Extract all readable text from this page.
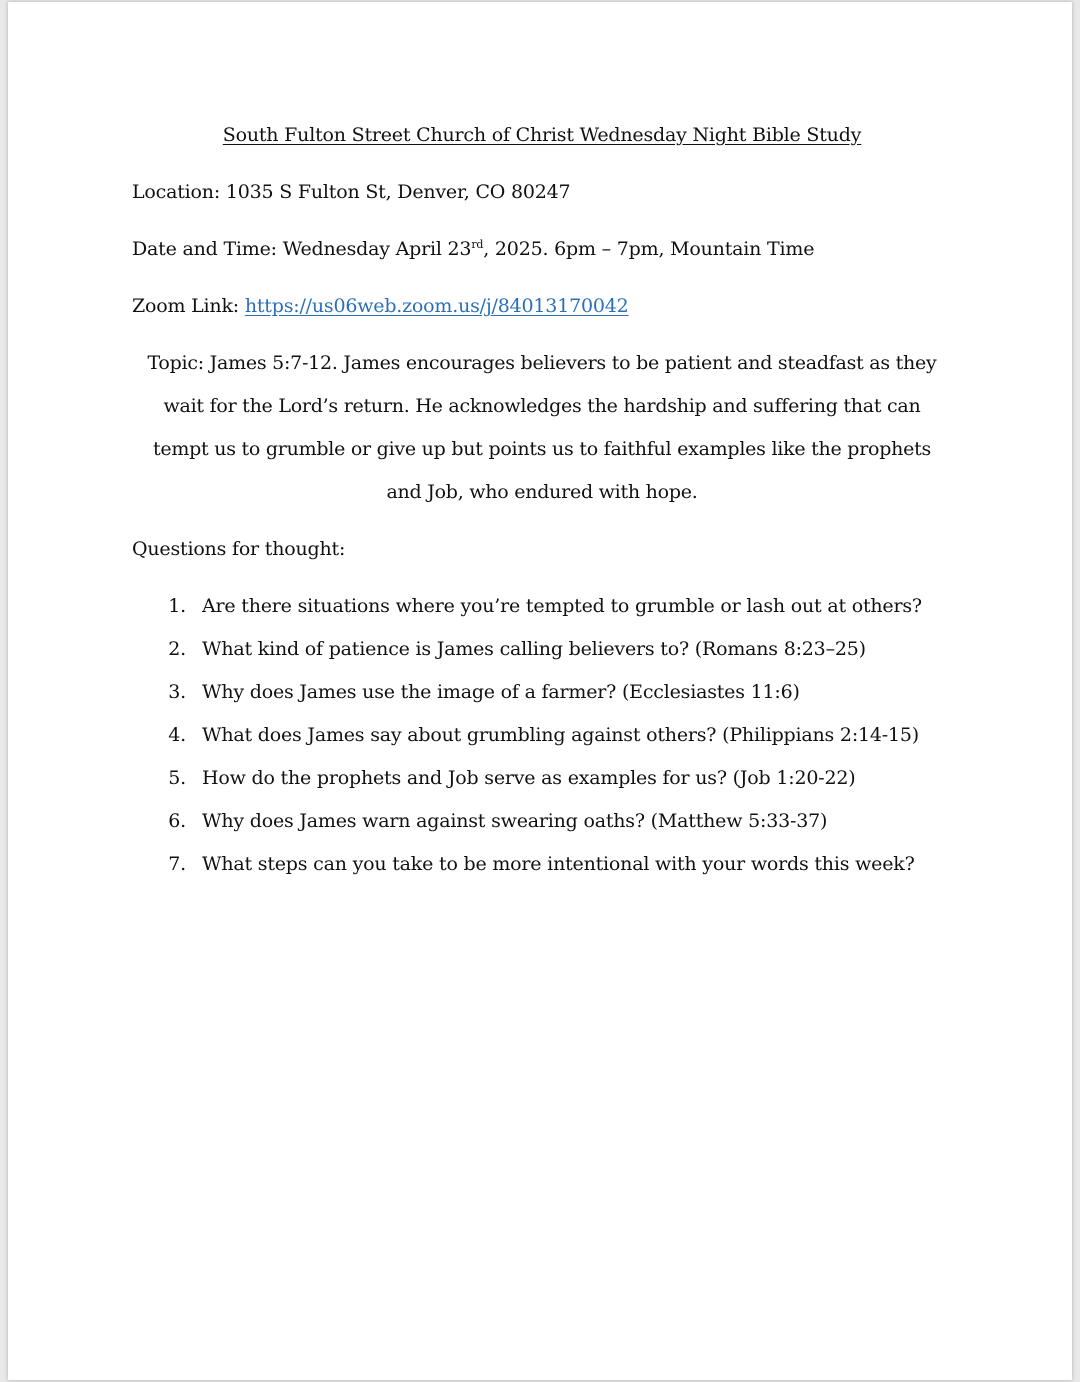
South Fulton Street Church of Christ Wednesday Night Bible Study

Location: 1035 S Fulton St, Denver, CO 80247

Date and Time: Wednesday April 23rd, 2025. 6pm – 7pm, Mountain Time

Zoom Link: https://us06web.zoom.us/j/84013170042

Topic: James 5:7-12. James encourages believers to be patient and steadfast as they wait for the Lord’s return. He acknowledges the hardship and suffering that can tempt us to grumble or give up but points us to faithful examples like the prophets and Job, who endured with hope.

Questions for thought:

1. Are there situations where you’re tempted to grumble or lash out at others?
2. What kind of patience is James calling believers to? (Romans 8:23–25)
3. Why does James use the image of a farmer? (Ecclesiastes 11:6)
4. What does James say about grumbling against others? (Philippians 2:14-15)
5. How do the prophets and Job serve as examples for us? (Job 1:20-22)
6. Why does James warn against swearing oaths? (Matthew 5:33-37)
7. What steps can you take to be more intentional with your words this week?
